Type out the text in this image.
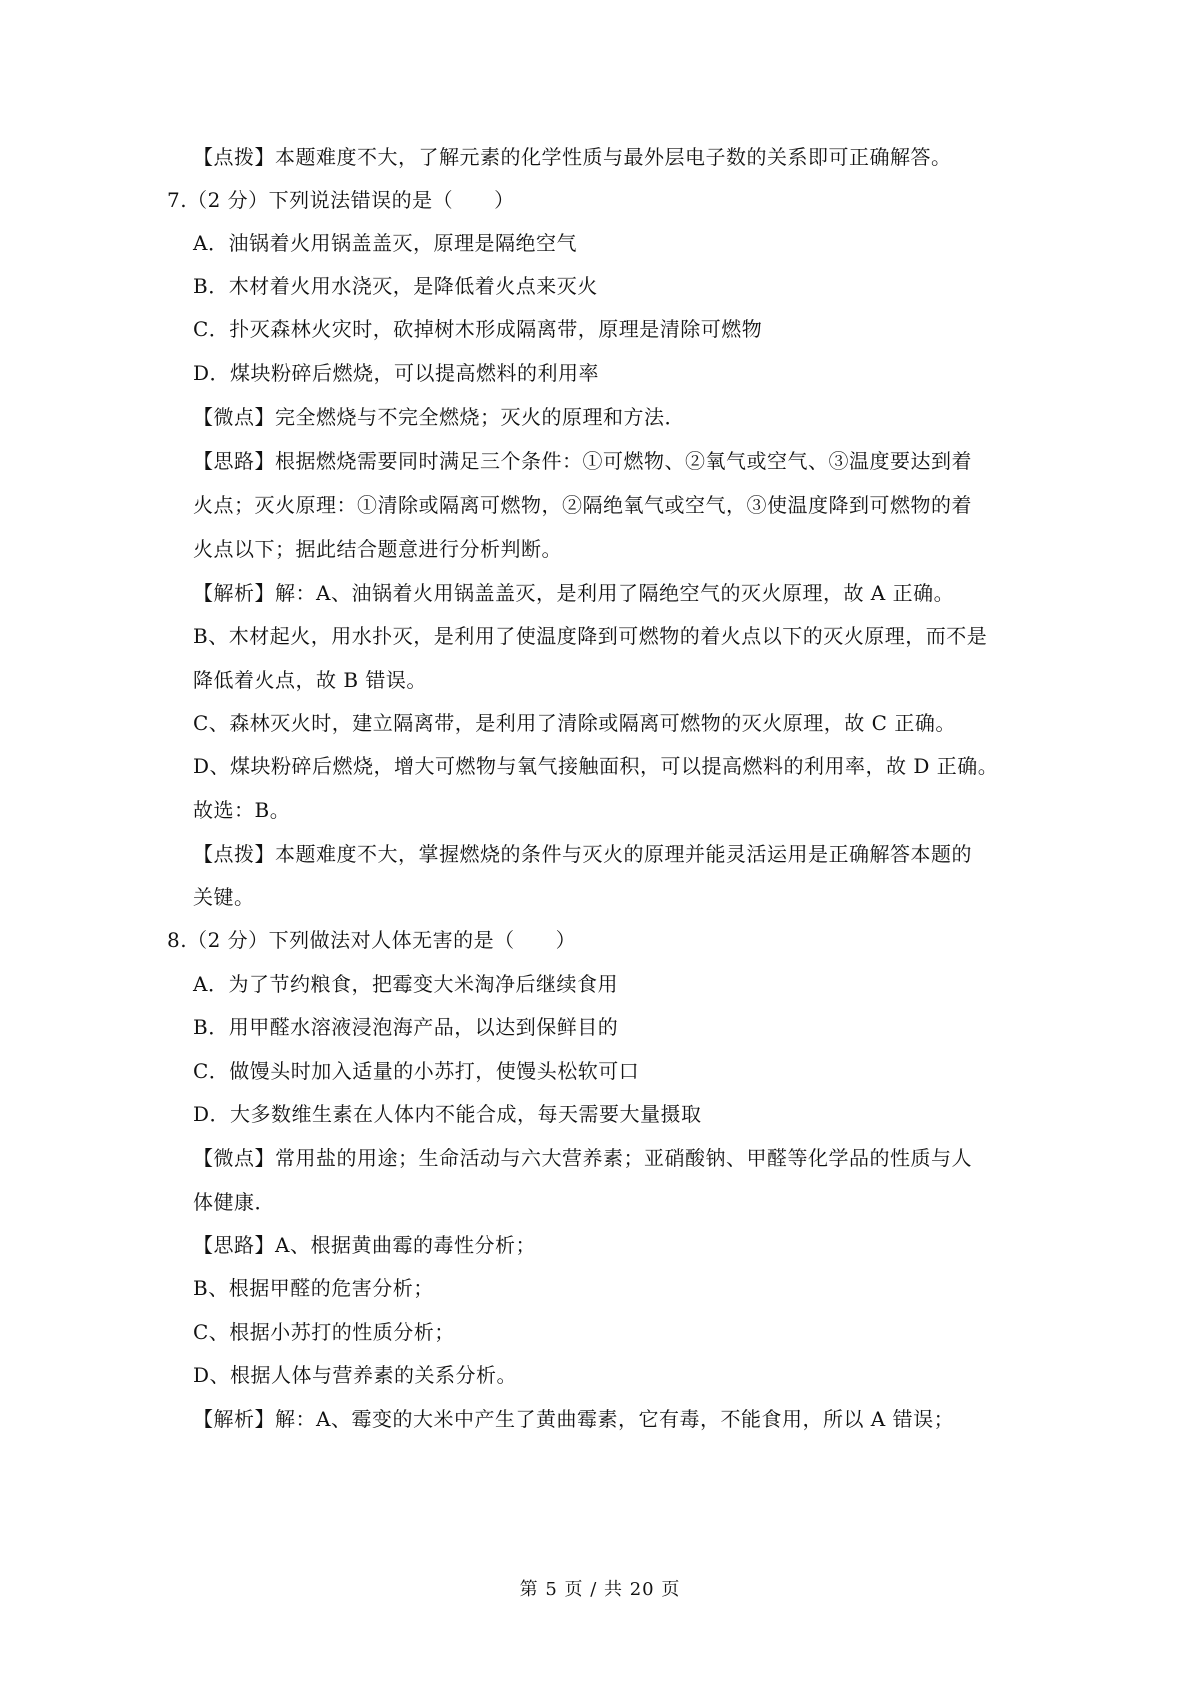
【点拨】本题难度不大，了解元素的化学性质与最外层电子数的关系即可正确解答。
7.（2 分）下列说法错误的是（　　）
A．油锅着火用锅盖盖灭，原理是隔绝空气
B．木材着火用水浇灭，是降低着火点来灭火
C．扑灭森林火灾时，砍掉树木形成隔离带，原理是清除可燃物
D．煤块粉碎后燃烧，可以提高燃料的利用率
【微点】完全燃烧与不完全燃烧；灭火的原理和方法．
【思路】根据燃烧需要同时满足三个条件：①可燃物、②氧气或空气、③温度要达到着
火点；灭火原理：①清除或隔离可燃物，②隔绝氧气或空气，③使温度降到可燃物的着
火点以下；据此结合题意进行分析判断。
【解析】解：A、油锅着火用锅盖盖灭，是利用了隔绝空气的灭火原理，故 A 正确。
B、木材起火，用水扑灭，是利用了使温度降到可燃物的着火点以下的灭火原理，而不是
降低着火点，故 B 错误。
C、森林灭火时，建立隔离带，是利用了清除或隔离可燃物的灭火原理，故 C 正确。
D、煤块粉碎后燃烧，增大可燃物与氧气接触面积，可以提高燃料的利用率，故 D 正确。
故选：B。
【点拨】本题难度不大，掌握燃烧的条件与灭火的原理并能灵活运用是正确解答本题的
关键。
8.（2 分）下列做法对人体无害的是（　　）
A．为了节约粮食，把霉变大米淘净后继续食用
B．用甲醛水溶液浸泡海产品，以达到保鲜目的
C．做馒头时加入适量的小苏打，使馒头松软可口
D．大多数维生素在人体内不能合成，每天需要大量摄取
【微点】常用盐的用途；生命活动与六大营养素；亚硝酸钠、甲醛等化学品的性质与人
体健康．
【思路】A、根据黄曲霉的毒性分析；
B、根据甲醛的危害分析；
C、根据小苏打的性质分析；
D、根据人体与营养素的关系分析。
【解析】解：A、霉变的大米中产生了黄曲霉素，它有毒，不能食用，所以 A 错误；
第 5 页 / 共 20 页
